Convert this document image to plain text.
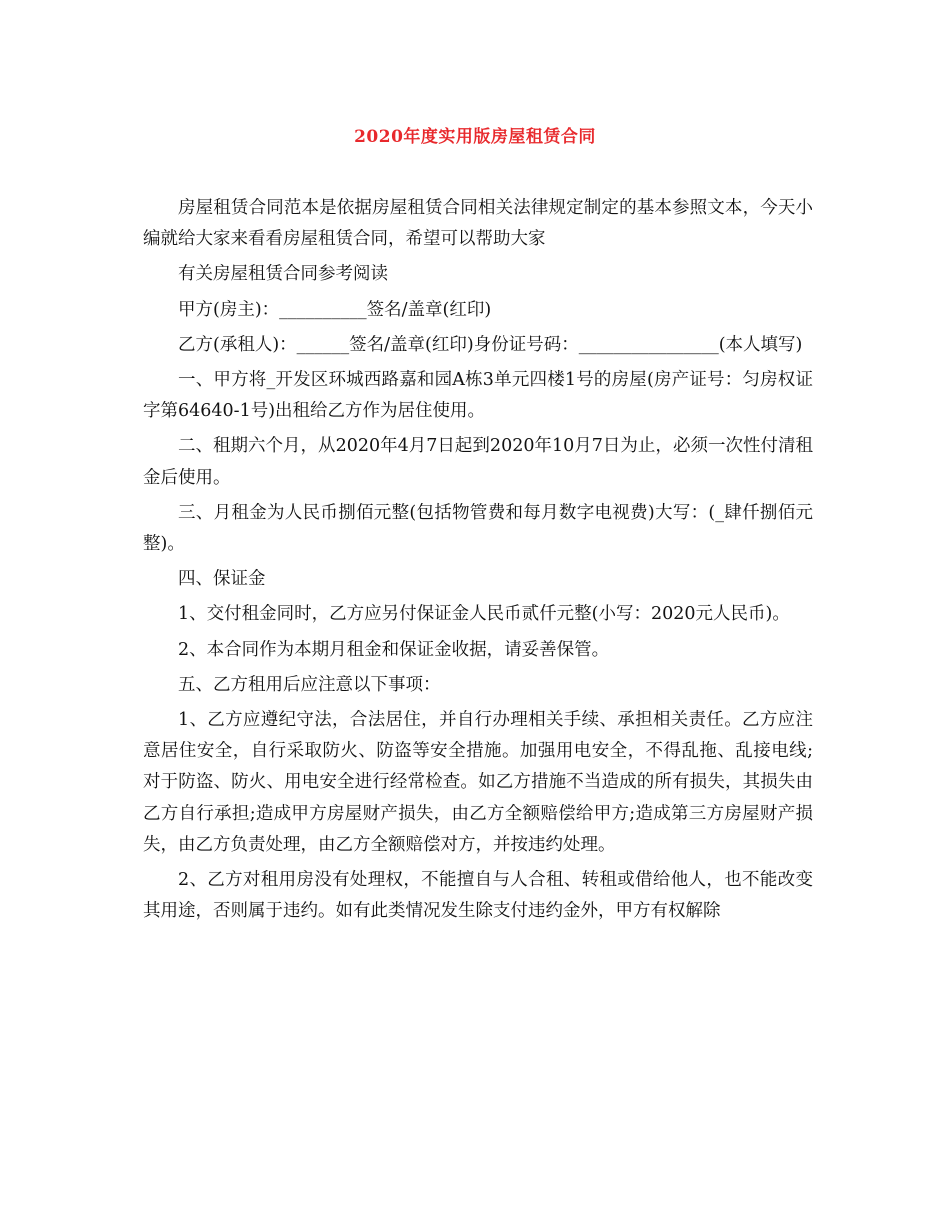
2020年度实用版房屋租赁合同

房屋租赁合同范本是依据房屋租赁合同相关法律规定制定的基本参照文本，今天小编就给大家来看看房屋租赁合同，希望可以帮助大家

有关房屋租赁合同参考阅读

甲方(房主)：__________签名/盖章(红印)

乙方(承租人)：______签名/盖章(红印)身份证号码：________________(本人填写)

一、甲方将_开发区环城西路嘉和园A栋3单元四楼1号的房屋(房产证号：匀房权证字第64640-1号)出租给乙方作为居住使用。

二、租期六个月，从2020年4月7日起到2020年10月7日为止，必须一次性付清租金后使用。

三、月租金为人民币捌佰元整(包括物管费和每月数字电视费)大写：(_肆仟捌佰元整)。

四、保证金

1、交付租金同时，乙方应另付保证金人民币贰仟元整(小写：2020元人民币)。

2、本合同作为本期月租金和保证金收据，请妥善保管。

五、乙方租用后应注意以下事项：

1、乙方应遵纪守法，合法居住，并自行办理相关手续、承担相关责任。乙方应注意居住安全，自行采取防火、防盗等安全措施。加强用电安全，不得乱拖、乱接电线;对于防盗、防火、用电安全进行经常检查。如乙方措施不当造成的所有损失，其损失由乙方自行承担;造成甲方房屋财产损失，由乙方全额赔偿给甲方;造成第三方房屋财产损失，由乙方负责处理，由乙方全额赔偿对方，并按违约处理。

2、乙方对租用房没有处理权，不能擅自与人合租、转租或借给他人，也不能改变其用途，否则属于违约。如有此类情况发生除支付违约金外，甲方有权解除
